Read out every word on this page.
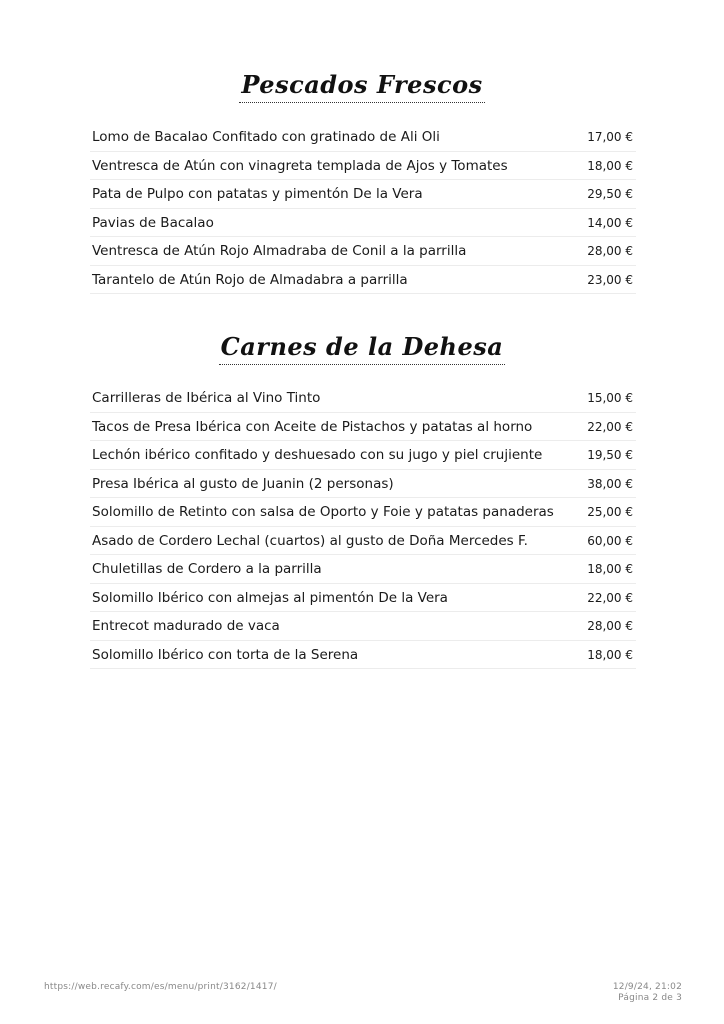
Pescados Frescos
Lomo de Bacalao Confitado con gratinado de Ali Oli	17,00 €
Ventresca de Atún con vinagreta templada de Ajos y Tomates	18,00 €
Pata de Pulpo con patatas y pimentón De la Vera	29,50 €
Pavias de Bacalao	14,00 €
Ventresca de Atún Rojo Almadraba de Conil a la parrilla	28,00 €
Tarantelo de Atún Rojo de Almadabra a parrilla	23,00 €
Carnes de la Dehesa
Carrilleras de Ibérica al Vino Tinto	15,00 €
Tacos de Presa Ibérica con Aceite de Pistachos y patatas al horno	22,00 €
Lechón ibérico confitado y deshuesado con su jugo y piel crujiente	19,50 €
Presa Ibérica al gusto de Juanin (2 personas)	38,00 €
Solomillo de Retinto con salsa de Oporto y Foie y patatas panaderas	25,00 €
Asado de Cordero Lechal (cuartos) al gusto de Doña Mercedes F.	60,00 €
Chuletillas de Cordero a la parrilla	18,00 €
Solomillo Ibérico con almejas al pimentón De la Vera	22,00 €
Entrecot madurado de vaca	28,00 €
Solomillo Ibérico con torta de la Serena	18,00 €
https://web.recafy.com/es/menu/print/3162/1417/	12/9/24, 21:02
Página 2 de 3
